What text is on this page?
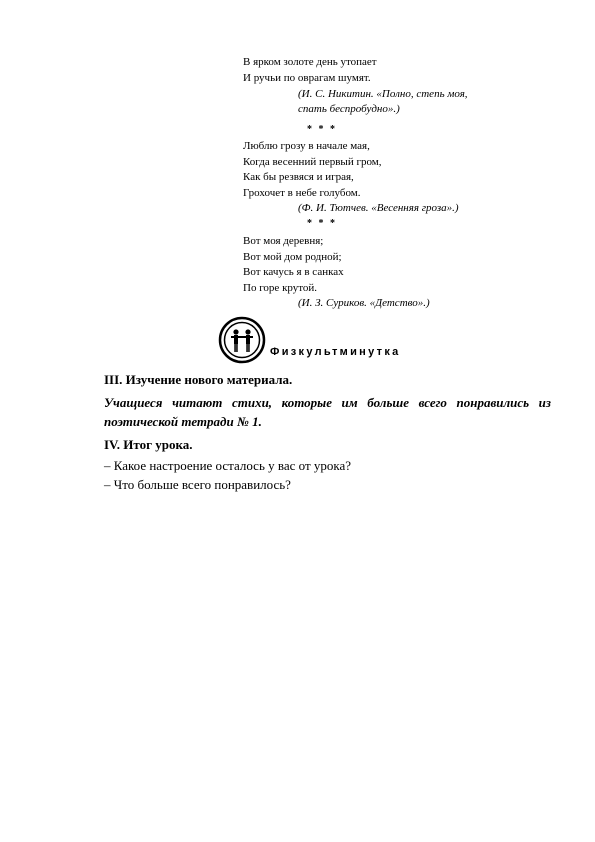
В ярком золоте день утопает
И ручьи по оврагам шумят.
(И. С. Никитин. «Полно, степь моя,
спать беспробудно».)
* * *
Люблю грозу в начале мая,
Когда весенний первый гром,
Как бы резвяся и играя,
Грохочет в небе голубом.
(Ф. И. Тютчев. «Весенняя гроза».)
* * *
Вот моя деревня;
Вот мой дом родной;
Вот качусь я в санках
По горе крутой.
(И. З. Суриков. «Детство».)
Физкультминутка
III. Изучение нового материала.
Учащиеся читают стихи, которые им больше всего понравились из поэтической тетради № 1.
IV. Итог урока.
– Какое настроение осталось у вас от урока?
– Что больше всего понравилось?
